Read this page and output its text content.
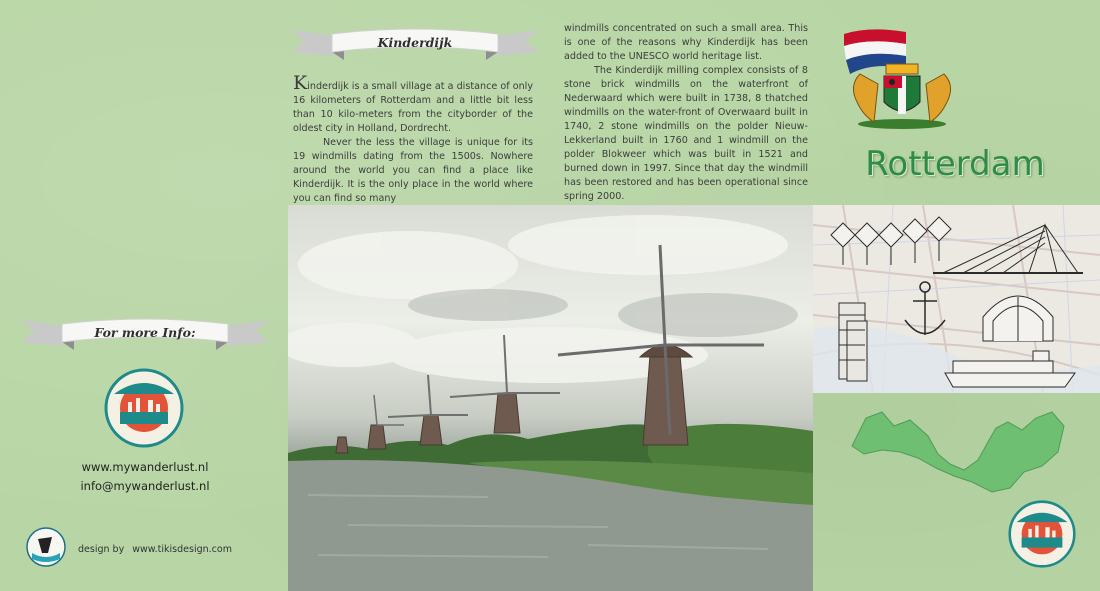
Kinderdijk

Kinderdijk is a small village at a distance of only 16 kilometers of Rotterdam and a little bit less than 10 kilo-meters from the cityborder of the oldest city in Holland, Dordrecht.

Never the less the village is unique for its 19 windmills dating from the 1500s. Nowhere around the world you can find a place like Kinderdijk. It is the only place in the world where you can find so many

windmills concentrated on such a small area. This is one of the reasons why Kinderdijk has been added to the UNESCO world heritage list.

The Kinderdijk milling complex consists of 8 stone brick windmills on the waterfront of Nederwaard which were built in 1738, 8 thatched windmills on the water-front of Overwaard built in 1740, 2 stone windmills on the polder Nieuw-Lekkerland built in 1760 and 1 windmill on the polder Blokweer which was built in 1521 and burned down in 1997. Since that day the windmill has been restored and has been operational since spring 2000.

Rotterdam
For more Info:
www.mywanderlust.nl
info@mywanderlust.nl
design by www.tikisdesign.com
